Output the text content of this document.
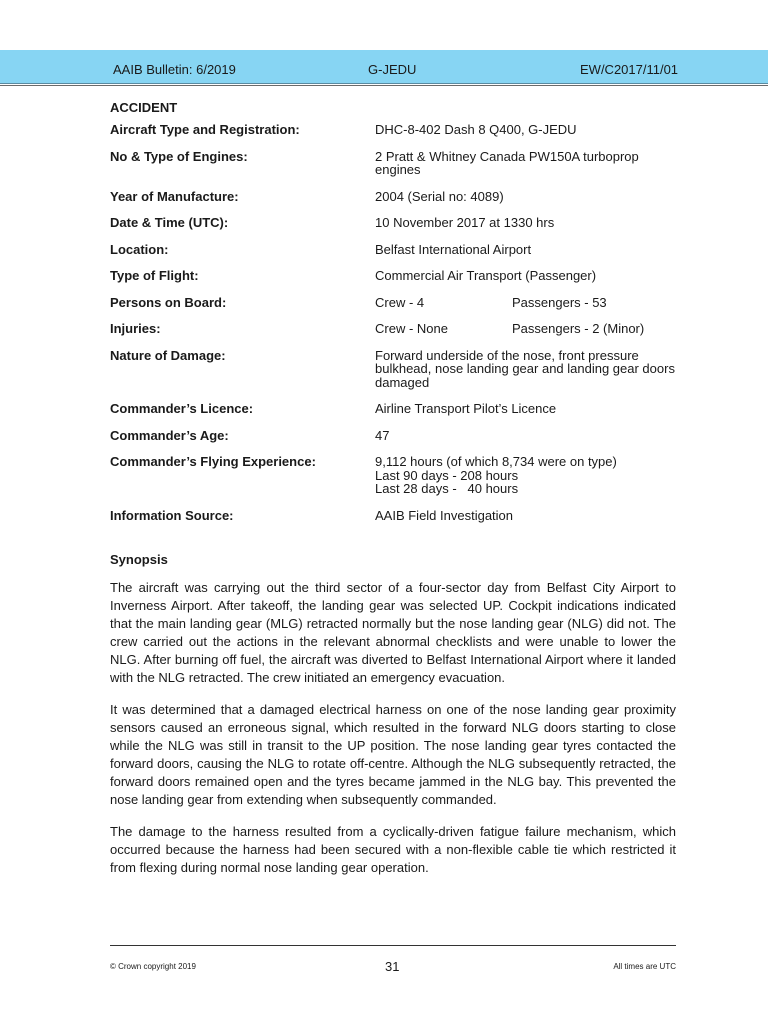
AAIB Bulletin: 6/2019	G-JEDU	EW/C2017/11/01
ACCIDENT
Aircraft Type and Registration:	DHC-8-402 Dash 8 Q400, G-JEDU
No & Type of Engines:	2 Pratt & Whitney Canada PW150A turboprop engines
Year of Manufacture:	2004 (Serial no: 4089)
Date & Time (UTC):	10 November 2017 at 1330 hrs
Location:	Belfast International Airport
Type of Flight:	Commercial Air Transport (Passenger)
Persons on Board:	Crew - 4	Passengers - 53
Injuries:	Crew - None	Passengers - 2 (Minor)
Nature of Damage:	Forward underside of the nose, front pressure bulkhead, nose landing gear and landing gear doors damaged
Commander’s Licence:	Airline Transport Pilot’s Licence
Commander’s Age:	47
Commander’s Flying Experience:	9,112 hours (of which 8,734 were on type)
Last 90 days - 208 hours
Last 28 days -   40 hours
Information Source:	AAIB Field Investigation
Synopsis

The aircraft was carrying out the third sector of a four-sector day from Belfast City Airport to Inverness Airport. After takeoff, the landing gear was selected UP. Cockpit indications indicated that the main landing gear (MLG) retracted normally but the nose landing gear (NLG) did not. The crew carried out the actions in the relevant abnormal checklists and were unable to lower the NLG. After burning off fuel, the aircraft was diverted to Belfast International Airport where it landed with the NLG retracted. The crew initiated an emergency evacuation.

It was determined that a damaged electrical harness on one of the nose landing gear proximity sensors caused an erroneous signal, which resulted in the forward NLG doors starting to close while the NLG was still in transit to the UP position. The nose landing gear tyres contacted the forward doors, causing the NLG to rotate off-centre. Although the NLG subsequently retracted, the forward doors remained open and the tyres became jammed in the NLG bay. This prevented the nose landing gear from extending when subsequently commanded.

The damage to the harness resulted from a cyclically-driven fatigue failure mechanism, which occurred because the harness had been secured with a non-flexible cable tie which restricted it from flexing during normal nose landing gear operation.

© Crown copyright 2019	31	All times are UTC
